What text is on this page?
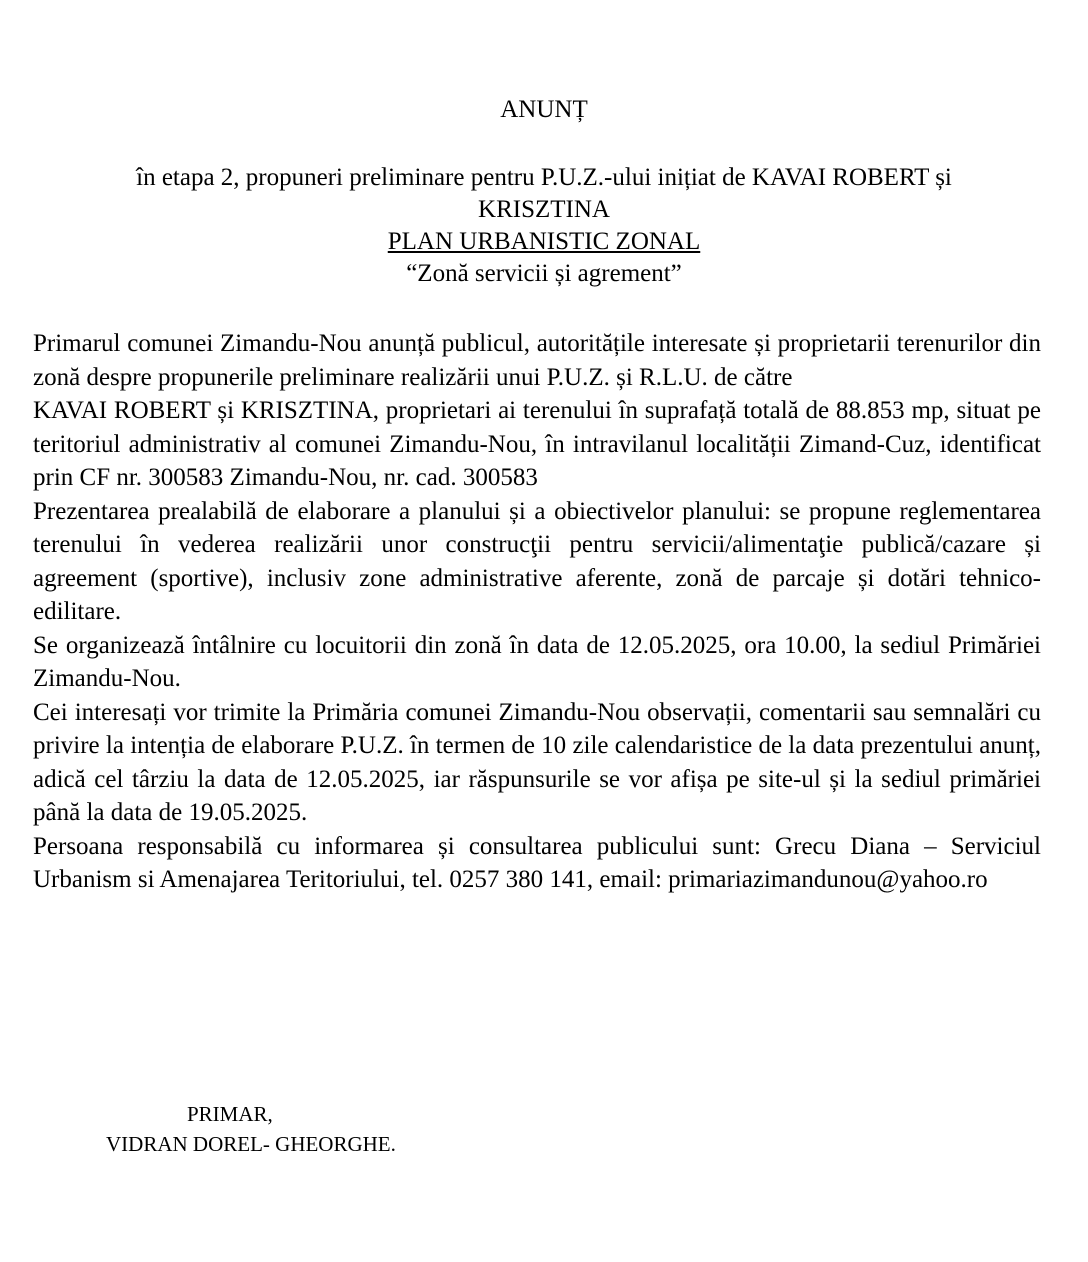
ANUNȚ
în etapa 2, propuneri preliminare pentru P.U.Z.-ului inițiat de KAVAI ROBERT și
KRISZTINA
PLAN URBANISTIC ZONAL
“Zonă servicii și agrement”

Primarul comunei Zimandu-Nou anunță publicul, autoritățile interesate și proprietarii terenurilor din zonă despre propunerile preliminare realizării unui P.U.Z. și R.L.U. de către

KAVAI ROBERT și KRISZTINA, proprietari ai terenului în suprafață totală de 88.853 mp, situat pe teritoriul administrativ al comunei Zimandu-Nou, în intravilanul localității Zimand-Cuz, identificat prin CF nr. 300583 Zimandu-Nou, nr. cad. 300583

Prezentarea prealabilă de elaborare a planului și a obiectivelor planului: se propune reglementarea terenului în vederea realizării unor construcţii pentru servicii/alimentaţie publică/cazare și agreement (sportive), inclusiv zone administrative aferente, zonă de parcaje și dotări tehnico-edilitare.

Se organizează întâlnire cu locuitorii din zonă în data de 12.05.2025, ora 10.00, la sediul Primăriei Zimandu-Nou.

Cei interesați vor trimite la Primăria comunei Zimandu-Nou observații, comentarii sau semnalări cu privire la intenția de elaborare P.U.Z. în termen de 10 zile calendaristice de la data prezentului anunț, adică cel târziu la data de 12.05.2025, iar răspunsurile se vor afișa pe site-ul și la sediul primăriei până la data de 19.05.2025.

Persoana responsabilă cu informarea și consultarea publicului sunt: Grecu Diana – Serviciul Urbanism si Amenajarea Teritoriului, tel. 0257 380 141, email: primariazimandunou@yahoo.ro

PRIMAR,
VIDRAN DOREL- GHEORGHE.
